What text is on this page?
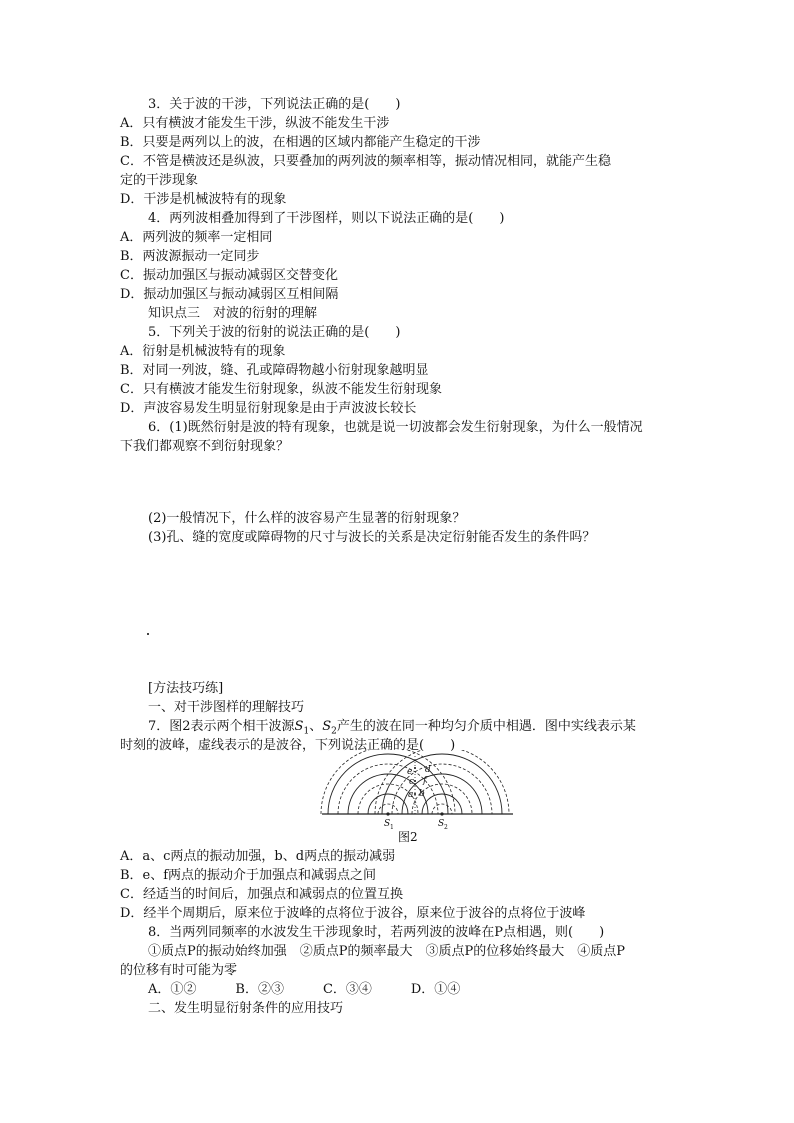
3．关于波的干涉，下列说法正确的是(　　)
A．只有横波才能发生干涉，纵波不能发生干涉
B．只要是两列以上的波，在相遇的区域内都能产生稳定的干涉
C．不管是横波还是纵波，只要叠加的两列波的频率相等，振动情况相同，就能产生稳
定的干涉现象
D．干涉是机械波特有的现象
4．两列波相叠加得到了干涉图样，则以下说法正确的是(　　)
A．两列波的频率一定相同
B．两波源振动一定同步
C．振动加强区与振动减弱区交替变化
D．振动加强区与振动减弱区互相间隔
知识点三　对波的衍射的理解
5．下列关于波的衍射的说法正确的是(　　)
A．衍射是机械波特有的现象
B．对同一列波，缝、孔或障碍物越小衍射现象越明显
C．只有横波才能发生衍射现象，纵波不能发生衍射现象
D．声波容易发生明显衍射现象是由于声波波长较长
6．(1)既然衍射是波的特有现象，也就是说一切波都会发生衍射现象，为什么一般情况
下我们都观察不到衍射现象？
(2)一般情况下，什么样的波容易产生显著的衍射现象？
(3)孔、缝的宽度或障碍物的尺寸与波长的关系是决定衍射能否发生的条件吗？
[方法技巧练]
一、对干涉图样的理解技巧
7．图2表示两个相干波源$S_1$、$S_2$产生的波在同一种均匀介质中相遇．图中实线表示某
时刻的波峰，虚线表示的是波谷，下列说法正确的是(　　)
a b
c
d
e
f
S 1	S 2
图2
A．a、c两点的振动加强，b、d两点的振动减弱
B．e、f两点的振动介于加强点和减弱点之间
C．经适当的时间后，加强点和减弱点的位置互换
D．经半个周期后，原来位于波峰的点将位于波谷，原来位于波谷的点将位于波峰
8．当两列同频率的水波发生干涉现象时，若两列波的波峰在P点相遇，则(　　)
①质点P的振动始终加强　②质点P的频率最大　③质点P的位移始终最大　④质点P
的位移有时可能为零
A．①②　　　B．②③　　　C．③④　　　D．①④
二、发生明显衍射条件的应用技巧
